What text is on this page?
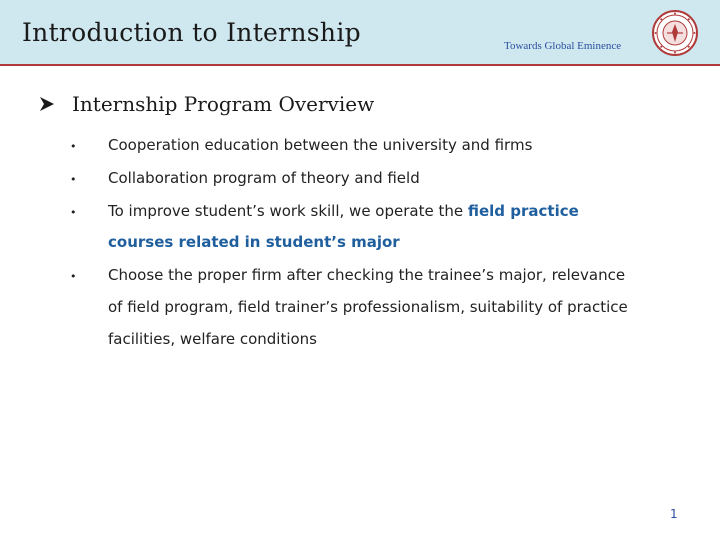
Introduction to Internship	Towards Global Eminence
Internship Program Overview
• Cooperation education between the university and firms
• Collaboration program of theory and field
• To improve student’s work skill, we operate the field practice
courses related in student’s major
• Choose the proper firm after checking the trainee’s major, relevance
of field program, field trainer’s professionalism, suitability of practice
facilities, welfare conditions
1
